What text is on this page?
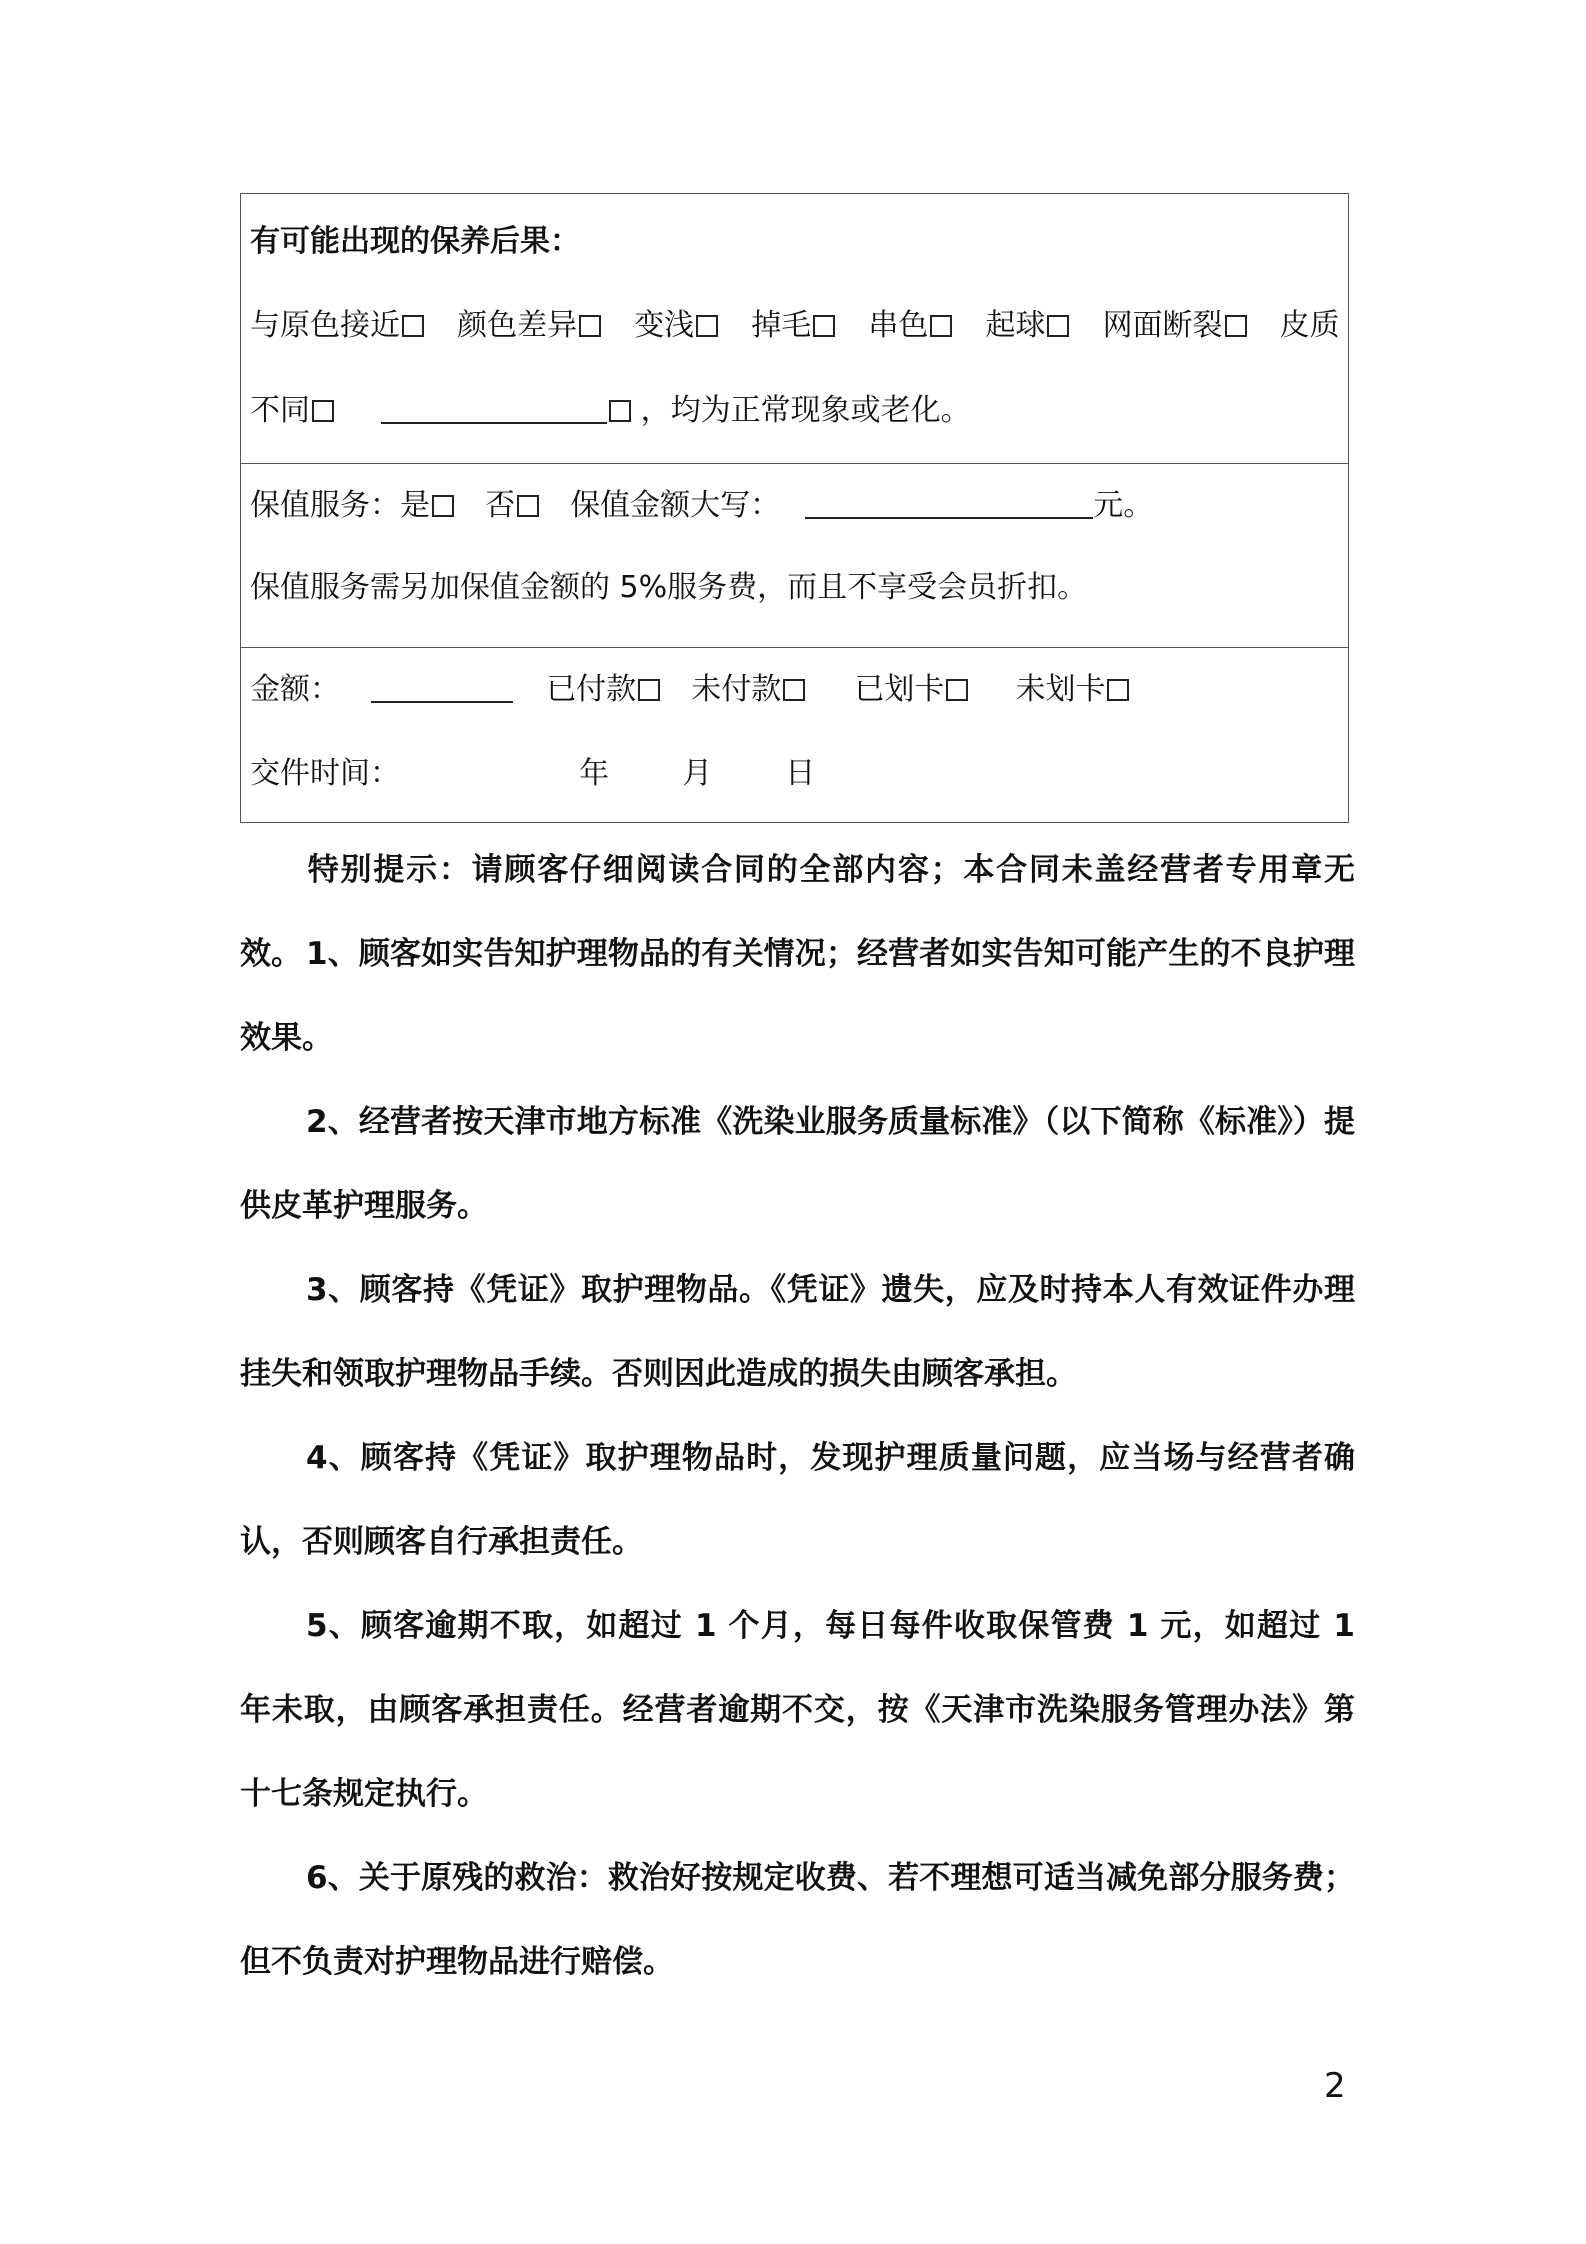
有可能出现的保养后果：
与原色接近 颜色差异 变浅 掉毛 串色 起球 网面断裂 皮质
不同	，均为正常现象或老化。
保值服务：是 否 保值金额大写：	元。
保值服务需另加保值金额的 5%服务费，而且不享受会员折扣。
金额：	已付款 未付款 已划卡 未划卡
交件时间：	年 月 日
特别提示：请顾客仔细阅读合同的全部内容；本合同未盖经营者专用章无效。 1、顾客如实告知护理物品的有关情况；经营者如实告知可能产生的不良护理效果。
2、经营者按天津市地方标准《洗染业服务质量标准》（以下简称《标准》）提供皮革护理服务。
3、顾客持《凭证》取护理物品。《凭证》遗失，应及时持本人有效证件办理挂失和领取护理物品手续。否则因此造成的损失由顾客承担。
4、顾客持《凭证》取护理物品时，发现护理质量问题，应当场与经营者确认，否则顾客自行承担责任。
5、顾客逾期不取，如超过 1 个月，每日每件收取保管费 1 元，如超过 1 年未取，由顾客承担责任。经营者逾期不交，按《天津市洗染服务管理办法》第十七条规定执行。
6、关于原残的救治：救治好按规定收费、若不理想可适当减免部分服务费；但不负责对护理物品进行赔偿。
2
